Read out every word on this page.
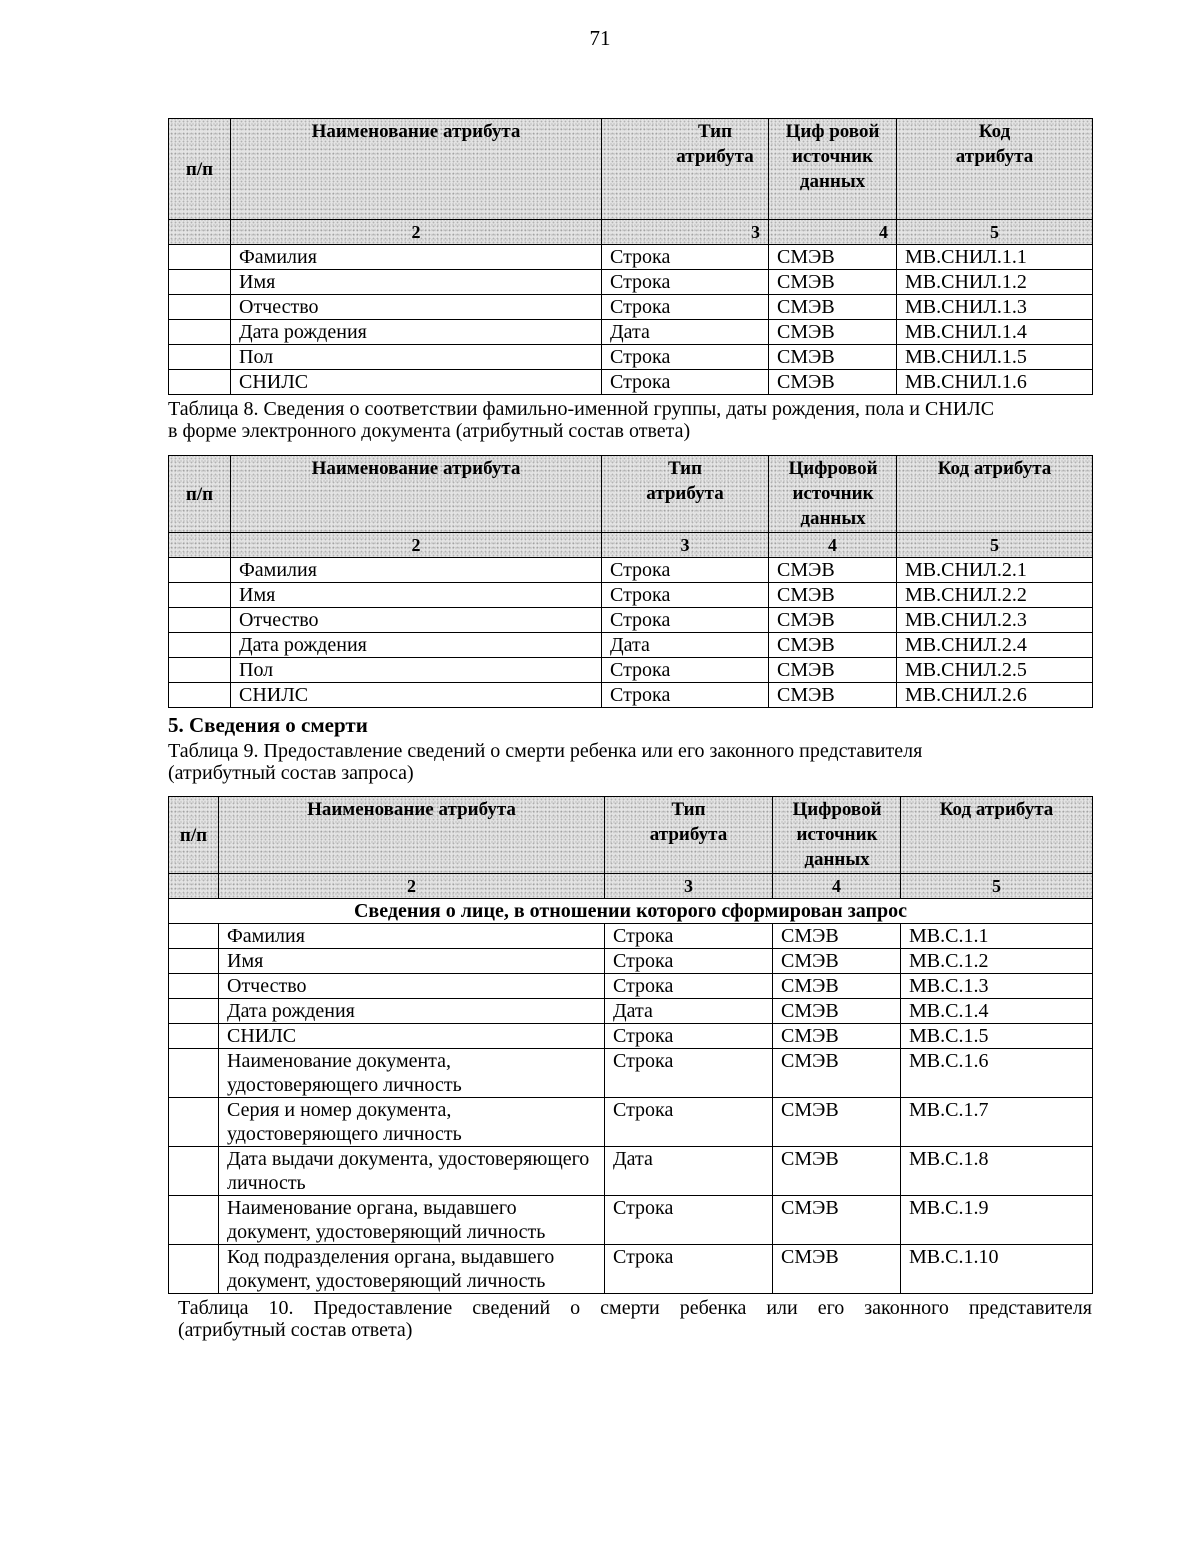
71
п/п	Наименование атрибута	Тип атрибута	Циф ровой источник данных	Код атрибута

	2	3	4	5
	Фамилия	Строка	СМЭВ	МВ.СНИЛ.1.1
	Имя	Строка	СМЭВ	МВ.СНИЛ.1.2
	Отчество	Строка	СМЭВ	МВ.СНИЛ.1.3
	Дата рождения	Дата	СМЭВ	МВ.СНИЛ.1.4
	Пол	Строка	СМЭВ	МВ.СНИЛ.1.5
	СНИЛС	Строка	СМЭВ	МВ.СНИЛ.1.6

Таблица 8. Сведения о соответствии фамильно-именной группы, даты рождения, пола и СНИЛС

в форме электронного документа (атрибутный состав ответа)

п/п	Наименование атрибута	Тип атрибута	Цифровой источник данных	Код атрибута
	2	3	4	5
	Фамилия	Строка	СМЭВ	МВ.СНИЛ.2.1
	Имя	Строка	СМЭВ	МВ.СНИЛ.2.2
	Отчество	Строка	СМЭВ	МВ.СНИЛ.2.3
	Дата рождения	Дата	СМЭВ	МВ.СНИЛ.2.4
	Пол	Строка	СМЭВ	МВ.СНИЛ.2.5
	СНИЛС	Строка	СМЭВ	МВ.СНИЛ.2.6

5. Сведения о смерти

Таблица 9. Предоставление сведений о смерти ребенка или его законного представителя

(атрибутный состав запроса)

п/п	Наименование атрибута	Тип атрибута	Цифровой источник данных	Код атрибута
	2	3	4	5
Сведения о лице, в отношении которого сформирован запрос				
	Фамилия	Строка	СМЭВ	МВ.С.1.1
	Имя	Строка	СМЭВ	МВ.С.1.2
	Отчество	Строка	СМЭВ	МВ.С.1.3
	Дата рождения	Дата	СМЭВ	МВ.С.1.4
	СНИЛС	Строка	СМЭВ	МВ.С.1.5
	Наименование документа, удостоверяющего личность	Строка	СМЭВ	МВ.С.1.6
	Серия и номер документа, удостоверяющего личность	Строка	СМЭВ	МВ.С.1.7
	Дата выдачи документа, удостоверяющего личность	Дата	СМЭВ	МВ.С.1.8
	Наименование органа, выдавшего документ, удостоверяющий личность	Строка	СМЭВ	МВ.С.1.9
	Код подразделения органа, выдавшего документ, удостоверяющий личность	Строка	СМЭВ	МВ.С.1.10

Таблица 10. Предоставление сведений о смерти ребенка или его законного представителя

(атрибутный состав ответа)
